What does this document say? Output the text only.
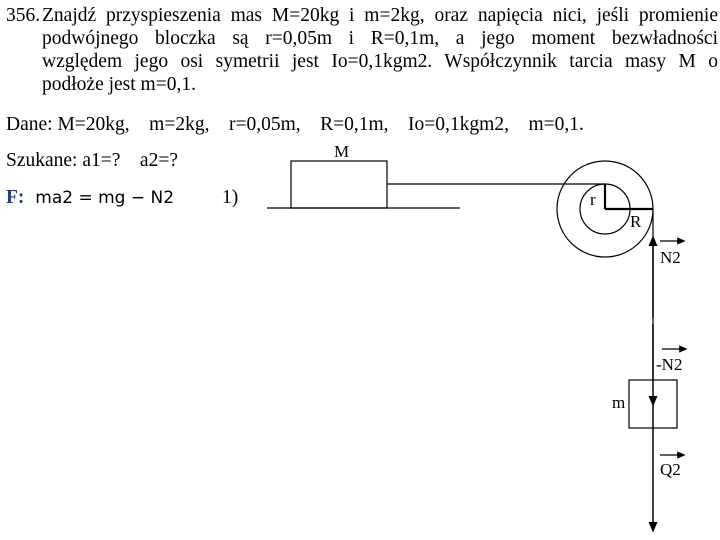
356. Znajdź przyspieszenia mas M=20kg i m=2kg, oraz napięcia nici, jeśli promienie
podwójnego bloczka są r=0,05m i R=0,1m, a jego moment bezwładności
względem jego osi symetrii jest Io=0,1kgm2. Współczynnik tarcia masy M o
podłoże jest m=0,1.
Dane: M=20kg, m=2kg, r=0,05m, R=0,1m, Io=0,1kgm2, m=0,1.
Szukane: a1=? a2=?
F: ma2 = mg − N2 1)
M
r
R
N2
-N2
m
Q2
